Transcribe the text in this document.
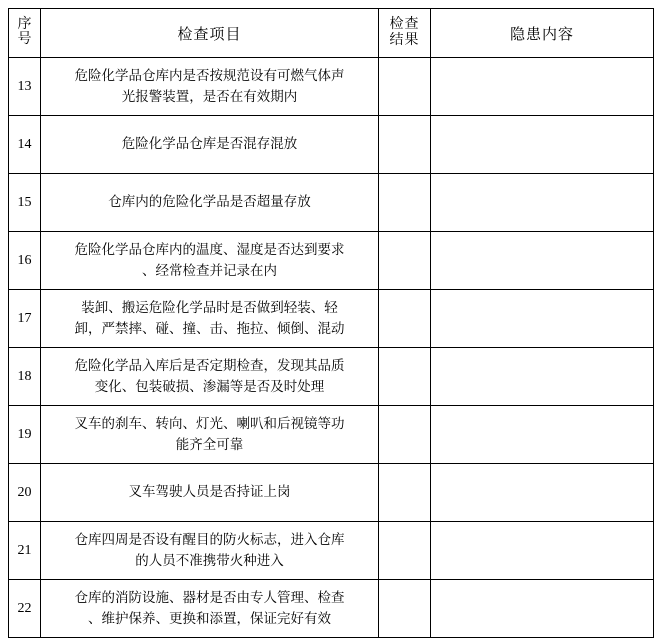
序
号	检查项目	检查
结果	隐患内容
13	危险化学品仓库内是否按规范设有可燃气体声
光报警装置，是否在有效期内		

14	危险化学品仓库是否混存混放		

15	仓库内的危险化学品是否超量存放		

16	危险化学品仓库内的温度、湿度是否达到要求
、经常检查并记录在内		

17	装卸、搬运危险化学品时是否做到轻装、轻
卸，严禁摔、碰、撞、击、拖拉、倾倒、混动		

18	危险化学品入库后是否定期检查，发现其品质
变化、包装破损、渗漏等是否及时处理		

19	叉车的刹车、转向、灯光、喇叭和后视镜等功
能齐全可靠		

20	叉车驾驶人员是否持证上岗		

21	仓库四周是否设有醒目的防火标志，进入仓库
的人员不准携带火种进入		

22	仓库的消防设施、器材是否由专人管理、检查
、维护保养、更换和添置，保证完好有效		
